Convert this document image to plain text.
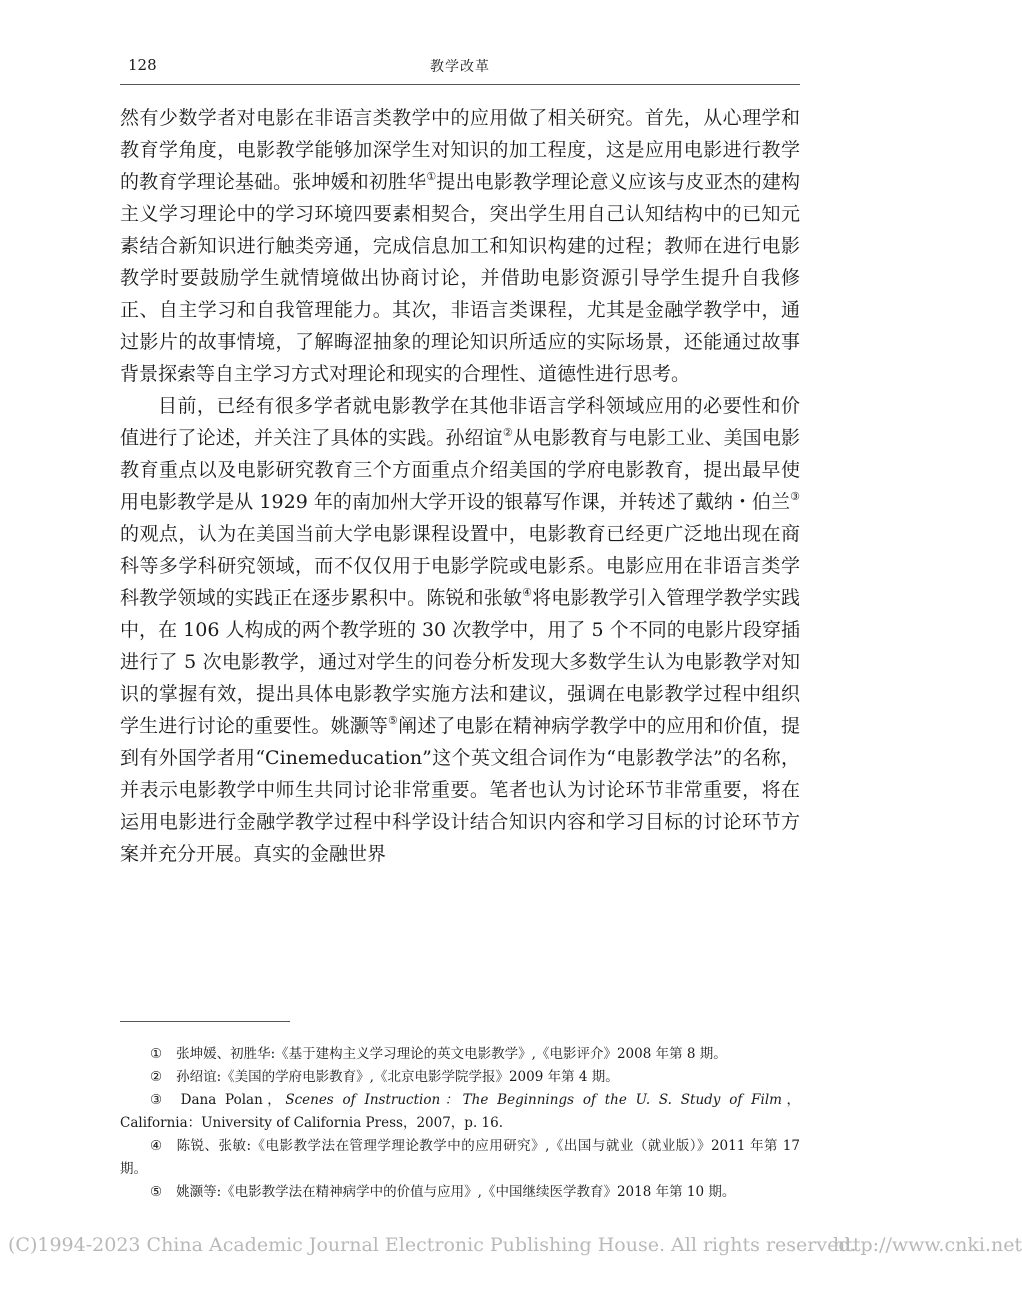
128	教学改革

然有少数学者对电影在非语言类教学中的应用做了相关研究。首先，从心理学和教育学角度，电影教学能够加深学生对知识的加工程度，这是应用电影进行教学的教育学理论基础。张坤媛和初胜华①提出电影教学理论意义应该与皮亚杰的建构主义学习理论中的学习环境四要素相契合，突出学生用自己认知结构中的已知元素结合新知识进行触类旁通，完成信息加工和知识构建的过程；教师在进行电影教学时要鼓励学生就情境做出协商讨论，并借助电影资源引导学生提升自我修正、自主学习和自我管理能力。其次，非语言类课程，尤其是金融学教学中，通过影片的故事情境，了解晦涩抽象的理论知识所适应的实际场景，还能通过故事背景探索等自主学习方式对理论和现实的合理性、道德性进行思考。

目前，已经有很多学者就电影教学在其他非语言学科领域应用的必要性和价值进行了论述，并关注了具体的实践。孙绍谊②从电影教育与电影工业、美国电影教育重点以及电影研究教育三个方面重点介绍美国的学府电影教育，提出最早使用电影教学是从 1929 年的南加州大学开设的银幕写作课，并转述了戴纳・伯兰③的观点，认为在美国当前大学电影课程设置中，电影教育已经更广泛地出现在商科等多学科研究领域，而不仅仅用于电影学院或电影系。电影应用在非语言类学科教学领域的实践正在逐步累积中。陈锐和张敏④将电影教学引入管理学教学实践中，在 106 人构成的两个教学班的 30 次教学中，用了 5 个不同的电影片段穿插进行了 5 次电影教学，通过对学生的问卷分析发现大多数学生认为电影教学对知识的掌握有效，提出具体电影教学实施方法和建议，强调在电影教学过程中组织学生进行讨论的重要性。姚灏等⑤阐述了电影在精神病学教学中的应用和价值，提到有外国学者用“Cinemeducation”这个英文组合词作为“电影教学法”的名称，并表示电影教学中师生共同讨论非常重要。笔者也认为讨论环节非常重要，将在运用电影进行金融学教学过程中科学设计结合知识内容和学习目标的讨论环节方案并充分开展。真实的金融世界

① 张坤媛、初胜华:《基于建构主义学习理论的英文电影教学》,《电影评介》2008 年第 8 期。

② 孙绍谊:《美国的学府电影教育》,《北京电影学院学报》2009 年第 4 期。

③ Dana Polan，Scenes of Instruction：The Beginnings of the U. S. Study of Film，California：University of California Press，2007，p. 16.

④ 陈锐、张敏:《电影教学法在管理学理论教学中的应用研究》,《出国与就业（就业版）》2011 年第 17 期。

⑤ 姚灏等:《电影教学法在精神病学中的价值与应用》,《中国继续医学教育》2018 年第 10 期。

(C)1994-2023 China Academic Journal Electronic Publishing House. All rights reserved.
http://www.cnki.net
